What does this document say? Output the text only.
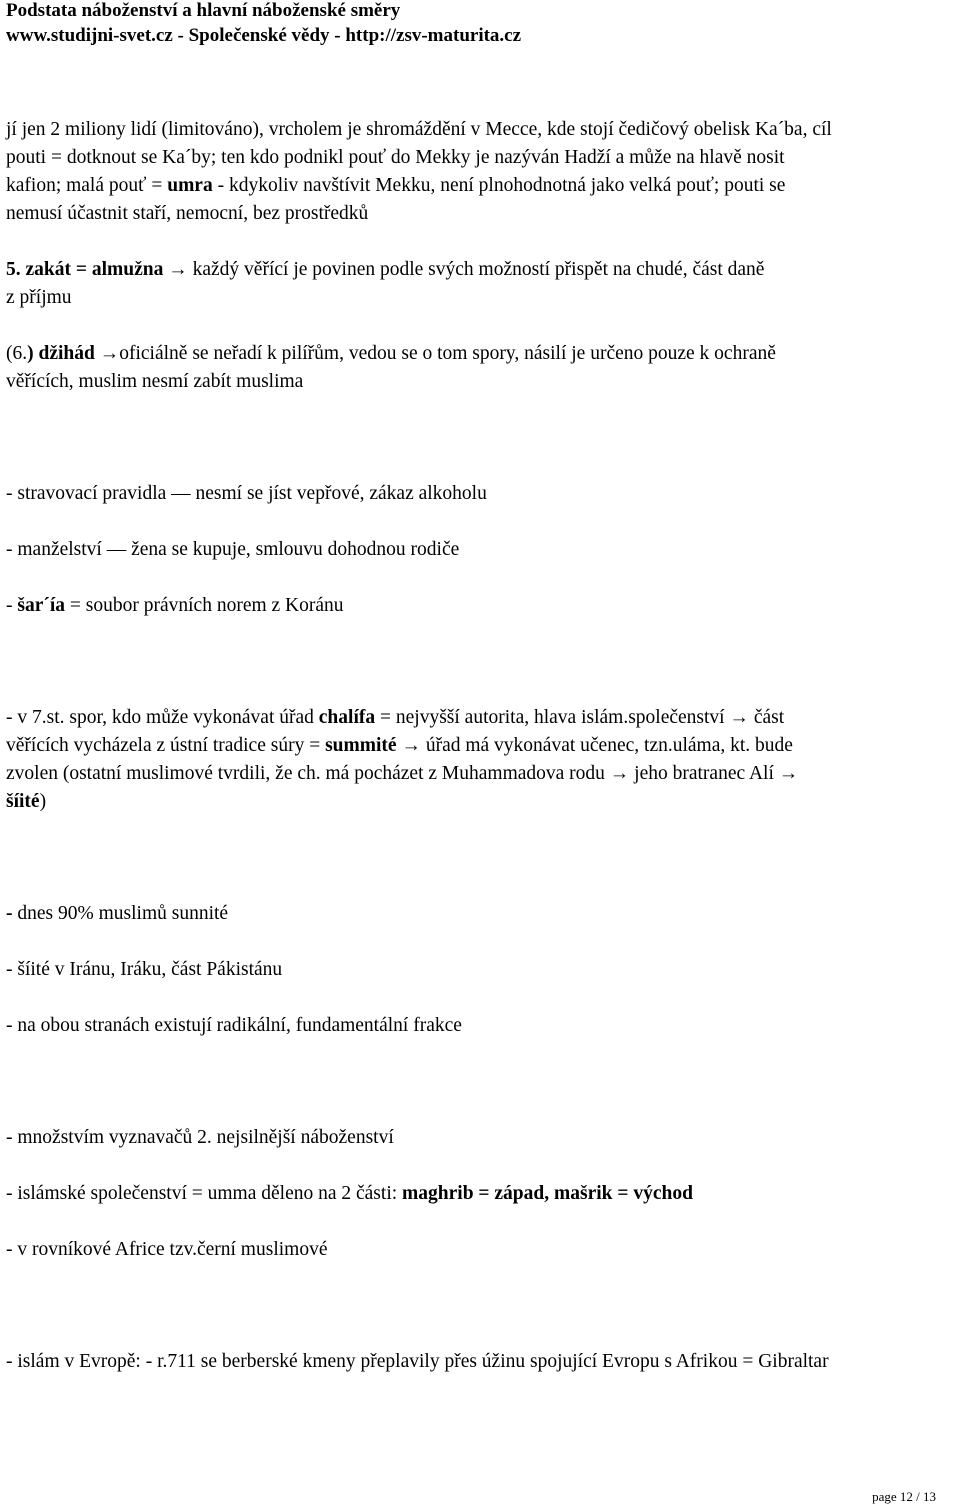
Podstata náboženství a hlavní náboženské směry
www.studijni-svet.cz - Společenské vědy - http://zsv-maturita.cz
jí jen 2 miliony lidí (limitováno), vrcholem je shromáždění v Mecce, kde stojí čedičový obelisk Ka´ba, cíl
pouti = dotknout se Ka´by; ten kdo podnikl pouť do Mekky je nazýván Hadží a může na hlavě nosit
kafion; malá pouť = umra - kdykoliv navštívit Mekku, není plnohodnotná jako velká pouť; pouti se
nemusí účastnit staří, nemocní, bez prostředků
5. zakát = almužna → každý věřící je povinen podle svých možností přispět na chudé, část daně
z příjmu
(6.) džihád →oficiálně se neřadí k pilířům, vedou se o tom spory, násilí je určeno pouze k ochraně
věřících, muslim nesmí zabít muslima
- stravovací pravidla — nesmí se jíst vepřové, zákaz alkoholu
- manželství — žena se kupuje, smlouvu dohodnou rodiče
- šar´ía = soubor právních norem z Koránu
- v 7.st. spor, kdo může vykonávat úřad chalífa = nejvyšší autorita, hlava islám.společenství → část
věřících vycházela z ústní tradice súry = summité → úřad má vykonávat učenec, tzn.ulámа, kt. bude
zvolen (ostatní muslimové tvrdili, že ch. má pocházet z Muhammadova rodu → jeho bratranec Alí →
šíité)
- dnes 90% muslimů sunnité
- šíité v Iránu, Iráku, část Pákistánu
- na obou stranách existují radikální, fundamentální frakce
- množstvím vyznavačů 2. nejsilnější náboženství
- islámské společenství = umma děleno na 2 části: maghrib = západ, mašrik = východ
- v rovníkové Africe tzv.černí muslimové
- islám v Evropě: - r.711 se berberské kmeny přeplavily přes úžinu spojující Evropu s Afrikou = Gibraltar
page 12 / 13
